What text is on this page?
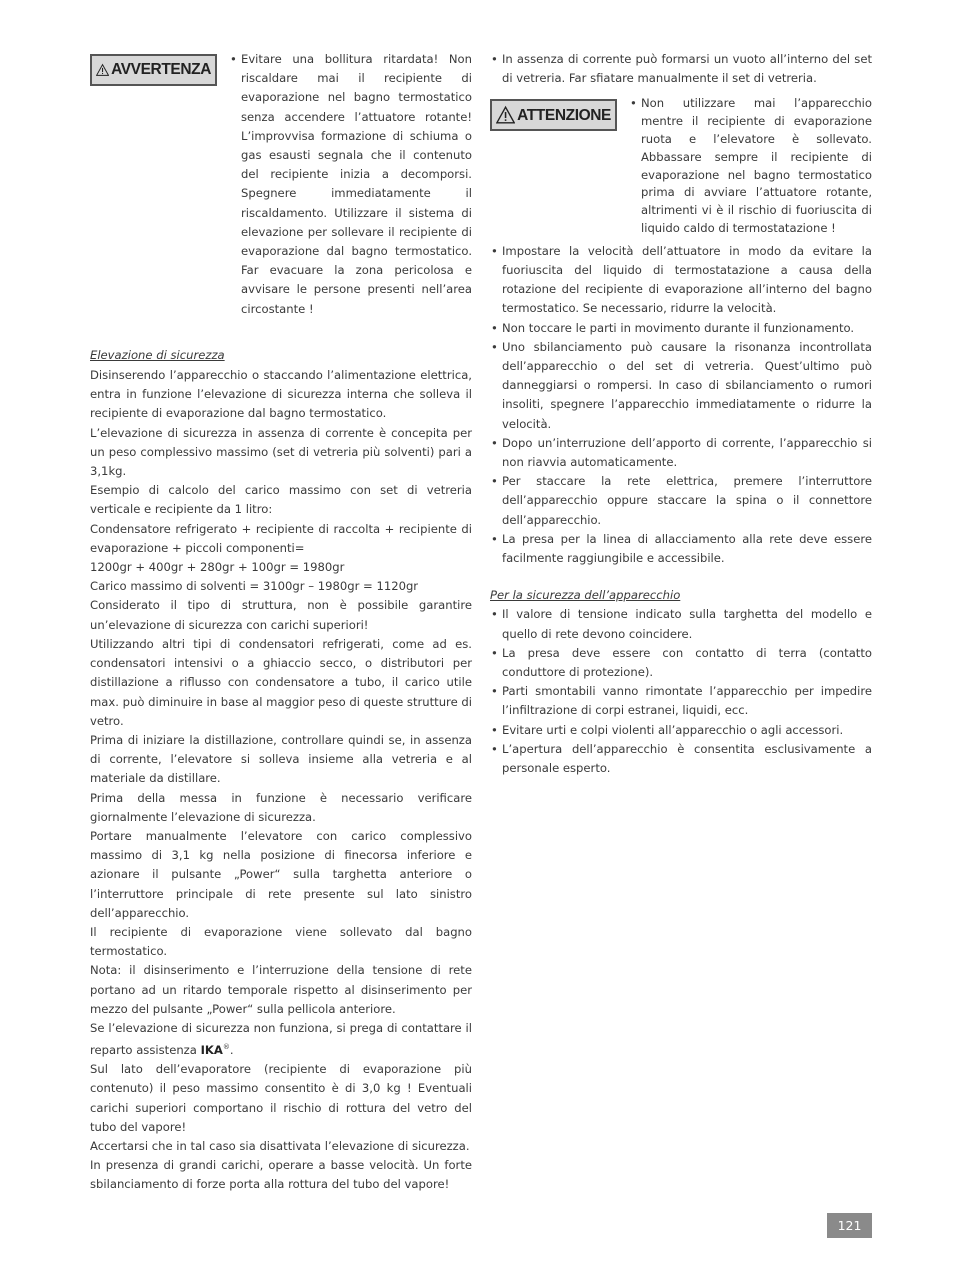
AVVERTENZA
• Evitare una bollitura ritardata! Non riscaldare mai il recipiente di evaporazione nel bagno termostatico senza accendere l’attuatore rotante! L’improvvisa formazione di schiuma o gas esausti segnala che il contenuto del recipiente inizia a decomporsi. Spegnere immediatamente il riscaldamento. Utilizzare il sistema di elevazione per sollevare il recipiente di evaporazione dal bagno termostatico. Far evacuare la zona pericolosa e avvisare le persone presenti nell’area circostante !

Elevazione di sicurezza

Disinserendo l’apparecchio o staccando l’alimentazione elettrica, entra in funzione l’elevazione di sicurezza interna che solleva il recipiente di evaporazione dal bagno termostatico.

L’elevazione di sicurezza in assenza di corrente è concepita per un peso complessivo massimo (set di vetreria più solventi) pari a 3,1kg.

Esempio di calcolo del carico massimo con set di vetreria verticale e recipiente da 1 litro:

Condensatore refrigerato + recipiente di raccolta + recipiente di evaporazione + piccoli componenti=

1200gr + 400gr + 280gr + 100gr = 1980gr

Carico massimo di solventi = 3100gr – 1980gr = 1120gr

Considerato il tipo di struttura, non è possibile garantire un’elevazione di sicurezza con carichi superiori!

Utilizzando altri tipi di condensatori refrigerati, come ad es. condensatori intensivi o a ghiaccio secco, o distributori per distillazione a riflusso con condensatore a tubo, il carico utile max. può diminuire in base al maggior peso di queste strutture di vetro.

Prima di iniziare la distillazione, controllare quindi se, in assenza di corrente, l’elevatore si solleva insieme alla vetreria e al materiale da distillare.

Prima della messa in funzione è necessario verificare giornalmente l’elevazione di sicurezza.

Portare manualmente l’elevatore con carico complessivo massimo di 3,1 kg nella posizione di finecorsa inferiore e azionare il pulsante „Power“ sulla targhetta anteriore o l’interruttore principale di rete presente sul lato sinistro dell’apparecchio.

Il recipiente di evaporazione viene sollevato dal bagno termostatico.

Nota: il disinserimento e l’interruzione della tensione di rete portano ad un ritardo temporale rispetto al disinserimento per mezzo del pulsante „Power“ sulla pellicola anteriore.

Se l’elevazione di sicurezza non funziona, si prega di contattare il reparto assistenza IKA®.

Sul lato dell’evaporatore (recipiente di evaporazione più contenuto) il peso massimo consentito è di 3,0 kg ! Eventuali carichi superiori comportano il rischio di rottura del vetro del tubo del vapore!

Accertarsi che in tal caso sia disattivata l’elevazione di sicurezza.

In presenza di grandi carichi, operare a basse velocità. Un forte sbilanciamento di forze porta alla rottura del tubo del vapore!

• In assenza di corrente può formarsi un vuoto all’interno del set di vetreria. Far sfiatare manualmente il set di vetreria.
ATTENZIONE
• Non utilizzare mai l’apparecchio mentre il recipiente di evaporazione ruota e l’elevatore è sollevato. Abbassare sempre il recipiente di evaporazione nel bagno termostatico prima di avviare l’attuatore rotante, altrimenti vi è il rischio di fuoriuscita di liquido caldo di termostatazione !
• Impostare la velocità dell’attuatore in modo da evitare la fuoriuscita del liquido di termostatazione a causa della rotazione del recipiente di evaporazione all’interno del bagno termostatico. Se necessario, ridurre la velocità.
• Non toccare le parti in movimento durante il funzionamento.
• Uno sbilanciamento può causare la risonanza incontrollata dell’apparecchio o del set di vetreria. Quest’ultimo può danneggiarsi o rompersi. In caso di sbilanciamento o rumori insoliti, spegnere l’apparecchio immediatamente o ridurre la velocità.
• Dopo un’interruzione dell’apporto di corrente, l’apparecchio si non riavvia automaticamente.
• Per staccare la rete elettrica, premere l’interruttore dell’apparecchio oppure staccare la spina o il connettore dell’apparecchio.
• La presa per la linea di allacciamento alla rete deve essere facilmente raggiungibile e accessibile.

Per la sicurezza dell’apparecchio

• Il valore di tensione indicato sulla targhetta del modello e quello di rete devono coincidere.
• La presa deve essere con contatto di terra (contatto conduttore di protezione).
• Parti smontabili vanno rimontate l’apparecchio per impedire l’infiltrazione di corpi estranei, liquidi, ecc.
• Evitare urti e colpi violenti all’apparecchio o agli accessori.
• L’apertura dell’apparecchio è consentita esclusivamente a personale esperto.
121
